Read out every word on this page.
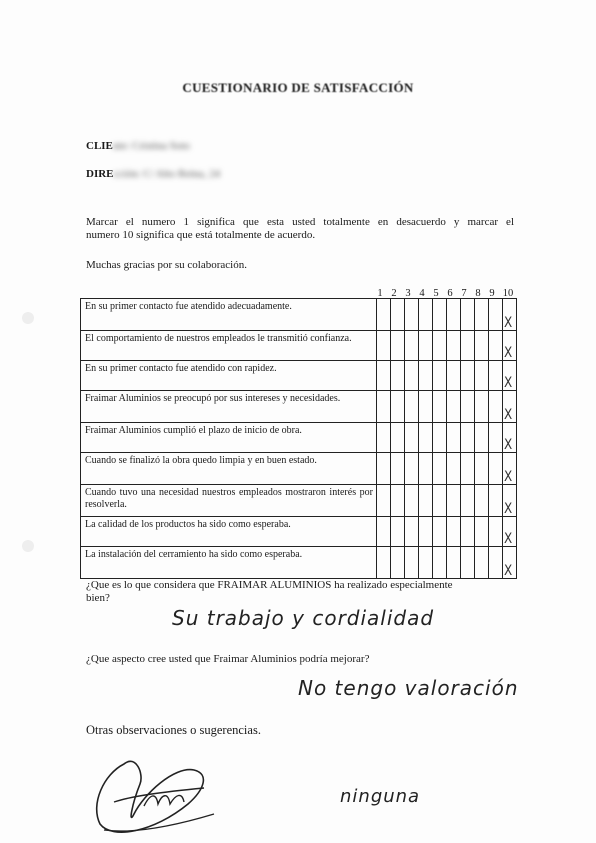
CUESTIONARIO DE SATISFACCIÓN
CLIEnte: Cristina Soto
DIREcción: C/ Alto Reina, 24
Marcar el numero 1 significa que esta usted totalmente en desacuerdo y marcar el
numero 10 significa que está totalmente de acuerdo.
Muchas gracias por su colaboración.
1 2 3 4 5 6 7 8 9 10
En su primer contacto fue atendido adecuadamente.										X

El comportamiento de nuestros empleados le transmitió confianza.										X

En su primer contacto fue atendido con rapidez.										X

Fraimar Aluminios se preocupó por sus intereses y necesidades.										X

Fraimar Aluminios cumplió el plazo de inicio de obra.										X

Cuando se finalizó la obra quedo limpia y en buen estado.										X

Cuando tuvo una necesidad nuestros empleados mostraron interés por resolverla.										X

La calidad de los productos ha sido como esperaba.										X

La instalación del cerramiento ha sido como esperaba.										X
¿Que es lo que considera que FRAIMAR ALUMINIOS ha realizado especialmente
bien?
Su trabajo y cordialidad
¿Que aspecto cree usted que Fraimar Aluminios podría mejorar?
No tengo valoración
Otras observaciones o sugerencias.
ninguna
